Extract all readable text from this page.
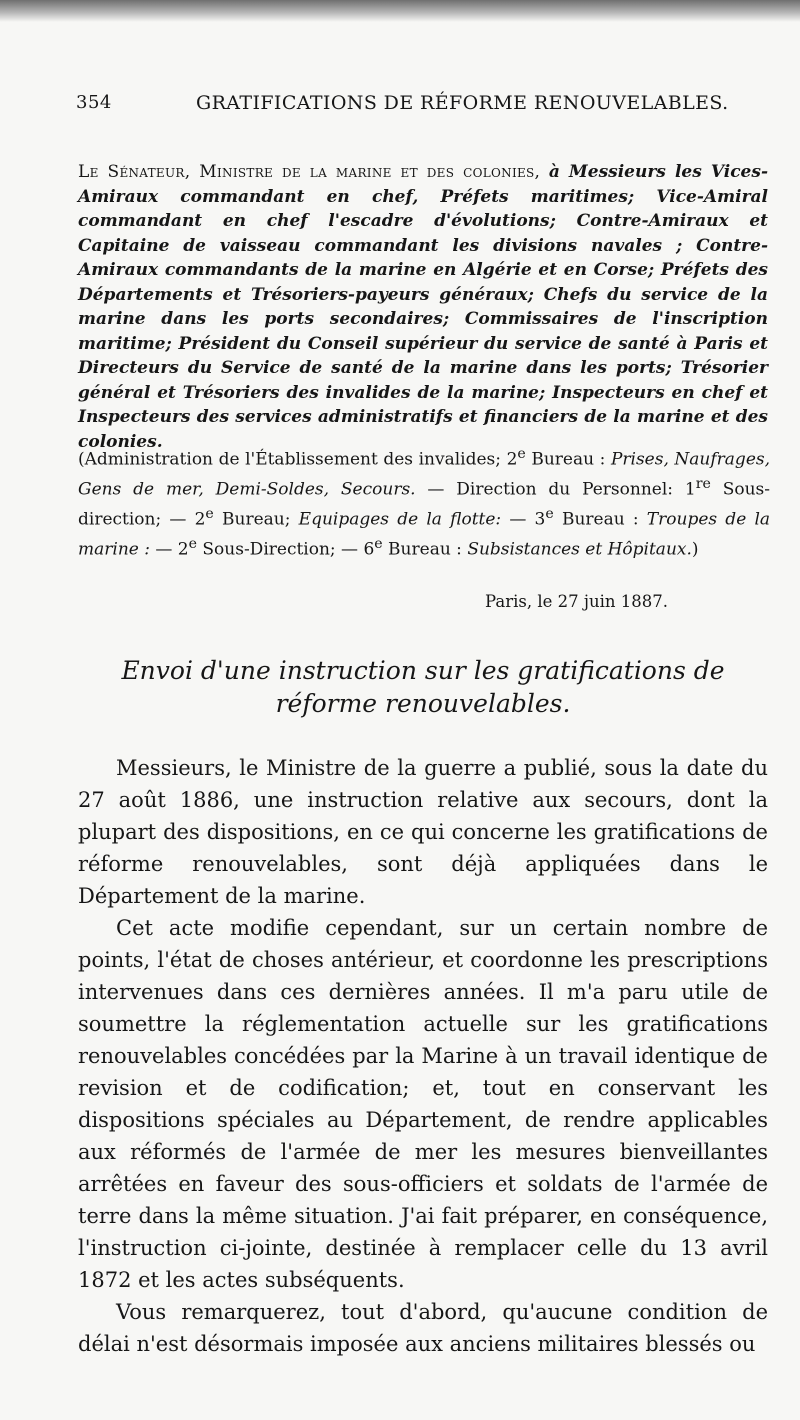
354	GRATIFICATIONS DE RÉFORME RENOUVELABLES.
Le Sénateur, Ministre de la marine et des colonies, à Messieurs les Vices-Amiraux commandant en chef, Préfets maritimes; Vice-Amiral commandant en chef l'escadre d'évolutions; Contre-Amiraux et Capitaine de vaisseau commandant les divisions navales ; Contre-Amiraux commandants de la marine en Algérie et en Corse; Préfets des Départements et Trésoriers-payeurs généraux; Chefs du service de la marine dans les ports secondaires; Commissaires de l'inscription maritime; Président du Conseil supérieur du service de santé à Paris et Directeurs du Service de santé de la marine dans les ports; Trésorier général et Trésoriers des invalides de la marine; Inspecteurs en chef et Inspecteurs des services administratifs et financiers de la marine et des colonies.
(Administration de l'Établissement des invalides; 2e Bureau : Prises, Naufrages, Gens de mer, Demi-Soldes, Secours. — Direction du Personnel: 1re Sous-direction; — 2e Bureau; Equipages de la flotte: — 3e Bureau : Troupes de la marine : — 2e Sous-Direction; — 6e Bureau : Subsistances et Hôpitaux.)
Paris, le 27 juin 1887.
Envoi d'une instruction sur les gratifications de réforme renouvelables.

Messieurs, le Ministre de la guerre a publié, sous la date du 27 août 1886, une instruction relative aux secours, dont la plupart des dispositions, en ce qui concerne les gratifications de réforme renouvelables, sont déjà appliquées dans le Département de la marine.

Cet acte modifie cependant, sur un certain nombre de points, l'état de choses antérieur, et coordonne les prescriptions intervenues dans ces dernières années. Il m'a paru utile de soumettre la réglementation actuelle sur les gratifications renouvelables concédées par la Marine à un travail identique de revision et de codification; et, tout en conservant les dispositions spéciales au Département, de rendre applicables aux réformés de l'armée de mer les mesures bienveillantes arrêtées en faveur des sous-officiers et soldats de l'armée de terre dans la même situation. J'ai fait préparer, en conséquence, l'instruction ci-jointe, destinée à remplacer celle du 13 avril 1872 et les actes subséquents.

Vous remarquerez, tout d'abord, qu'aucune condition de délai n'est désormais imposée aux anciens militaires blessés ou
